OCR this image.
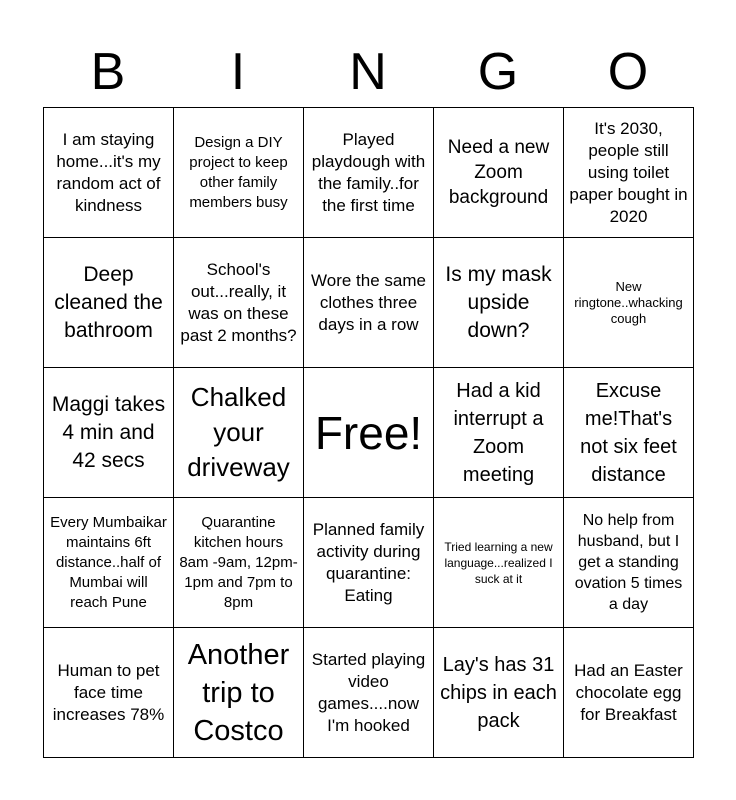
B	I	N	G	O
I am staying home...it's my random act of kindness	Design a DIY project to keep other family members busy	Played playdough with the family..for the first time	Need a new Zoom background	It's 2030, people still using toilet paper bought in 2020

Deep cleaned the bathroom	School's out...really, it was on these past 2 months?	Wore the same clothes three days in a row	Is my mask upside down?	New ringtone..whacking cough

Maggi takes 4 min and 42 secs	Chalked your driveway	Free!	Had a kid interrupt a Zoom meeting	Excuse me!That's not six feet distance

Every Mumbaikar maintains 6ft distance..half of Mumbai will reach Pune	Quarantine kitchen hours 8am -9am, 12pm-1pm and 7pm to 8pm	Planned family activity during quarantine: Eating	Tried learning a new language...realized I suck at it	No help from husband, but I get a standing ovation 5 times a day

Human to pet face time increases 78%	Another trip to Costco	Started playing video games....now I'm hooked	Lay's has 31 chips in each pack	Had an Easter chocolate egg for Breakfast
